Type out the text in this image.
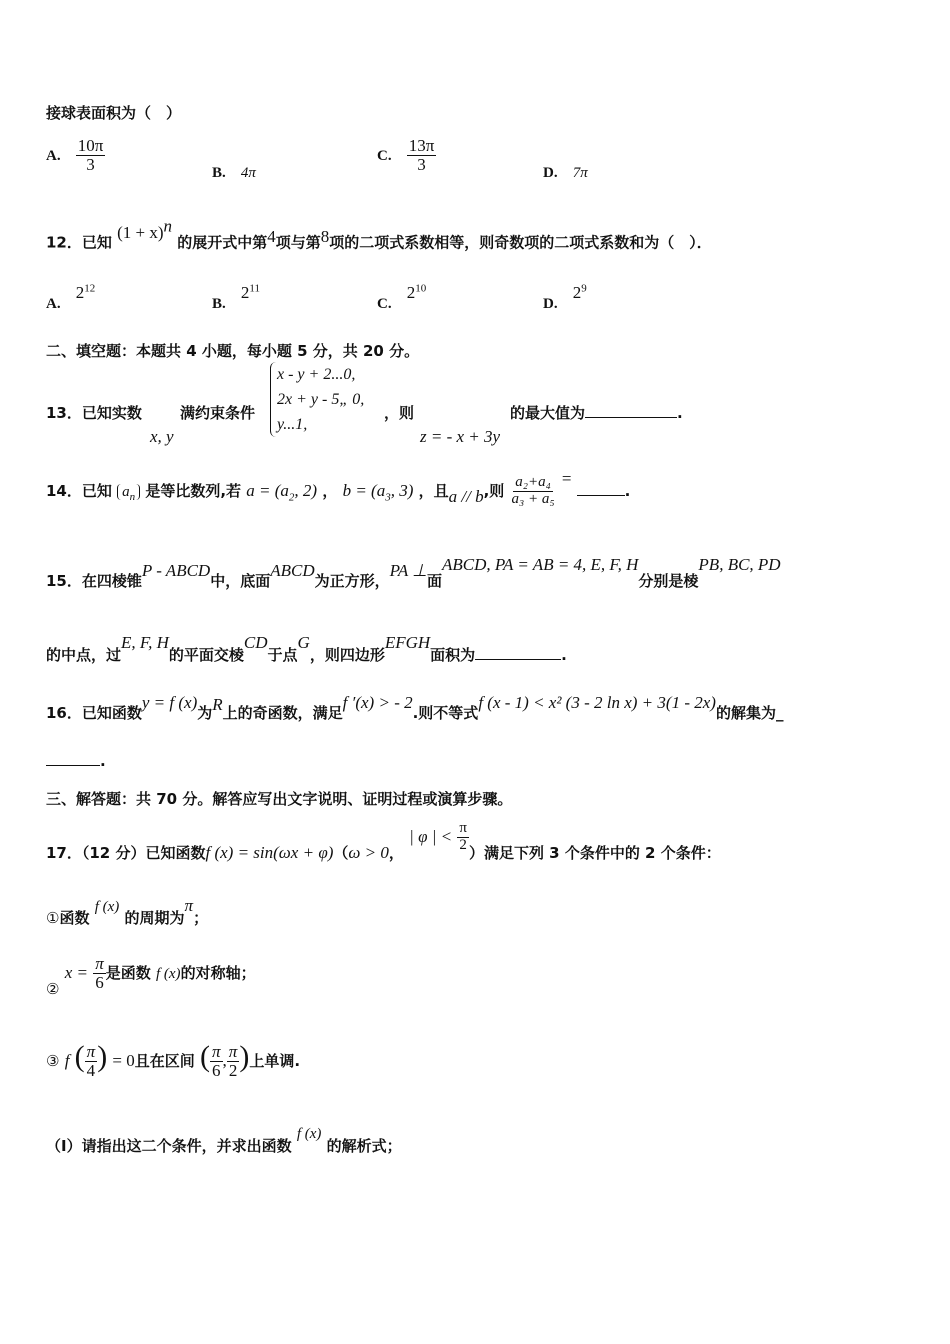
接球表面积为（　）
A. $\frac{10\pi}{3}$	B. 4π
C. $\frac{13\pi}{3}$	D. 7π
12．已知 $(1 + x)^n$ 的展开式中第4项与第8项的二项式系数相等，则奇数项的二项式系数和为（　）．
A. $2^{12}$
B. $2^{11}$
C. $2^{10}$
D. $2^9$
二、填空题：本题共 4 小题，每小题 5 分，共 20 分。
13．已知实数
x, y
满约束条件
x - y + 2...0,
2x + y - 5„ 0,
y...1,
，则
z = - x + 3y
的最大值为	.
14．已知 $a_n$ 是等比数列,若 $a = (a_2$, 2) ， $b = (a_3$, 3) ，且a // b,则 $\frac{\text{a₂+a₄}}{\text{a₃ + a₅}}$ = .
15．在四棱锥P - ABCD中，底面ABCD为正方形，PA ⊥面ABCD, PA = AB = 4, E, F, H分别是棱PB, BC, PD
的中点，过E, F, H的平面交棱CD于点G，则四边形EFGH面积为	.
16．已知函数y = f (x)为R上的奇函数，满足f ′(x) > - 2.则不等式f (x - 1) < x² (3 - 2 ln x) + 3(1 - 2x)的解集为_
.
三、解答题：共 70 分。解答应写出文字说明、证明过程或演算步骤。
17．（12 分）已知函数f (x) = sin(ωx + φ)（ω > 0， | φ | < $\frac{\pi}{2}$ ）满足下列 3 个条件中的 2 个条件：
①函数 f (x) 的周期为π；
② $x = \frac{\pi}{6}$ 是函数 f (x)的对称轴；
③ f ( $\frac{\pi}{4}$ ) = 0且在区间 ( $\frac{\pi}{6}$ , $\frac{\pi}{2}$ )上单调.
（Ⅰ）请指出这二个条件，并求出函数 f (x) 的解析式；
